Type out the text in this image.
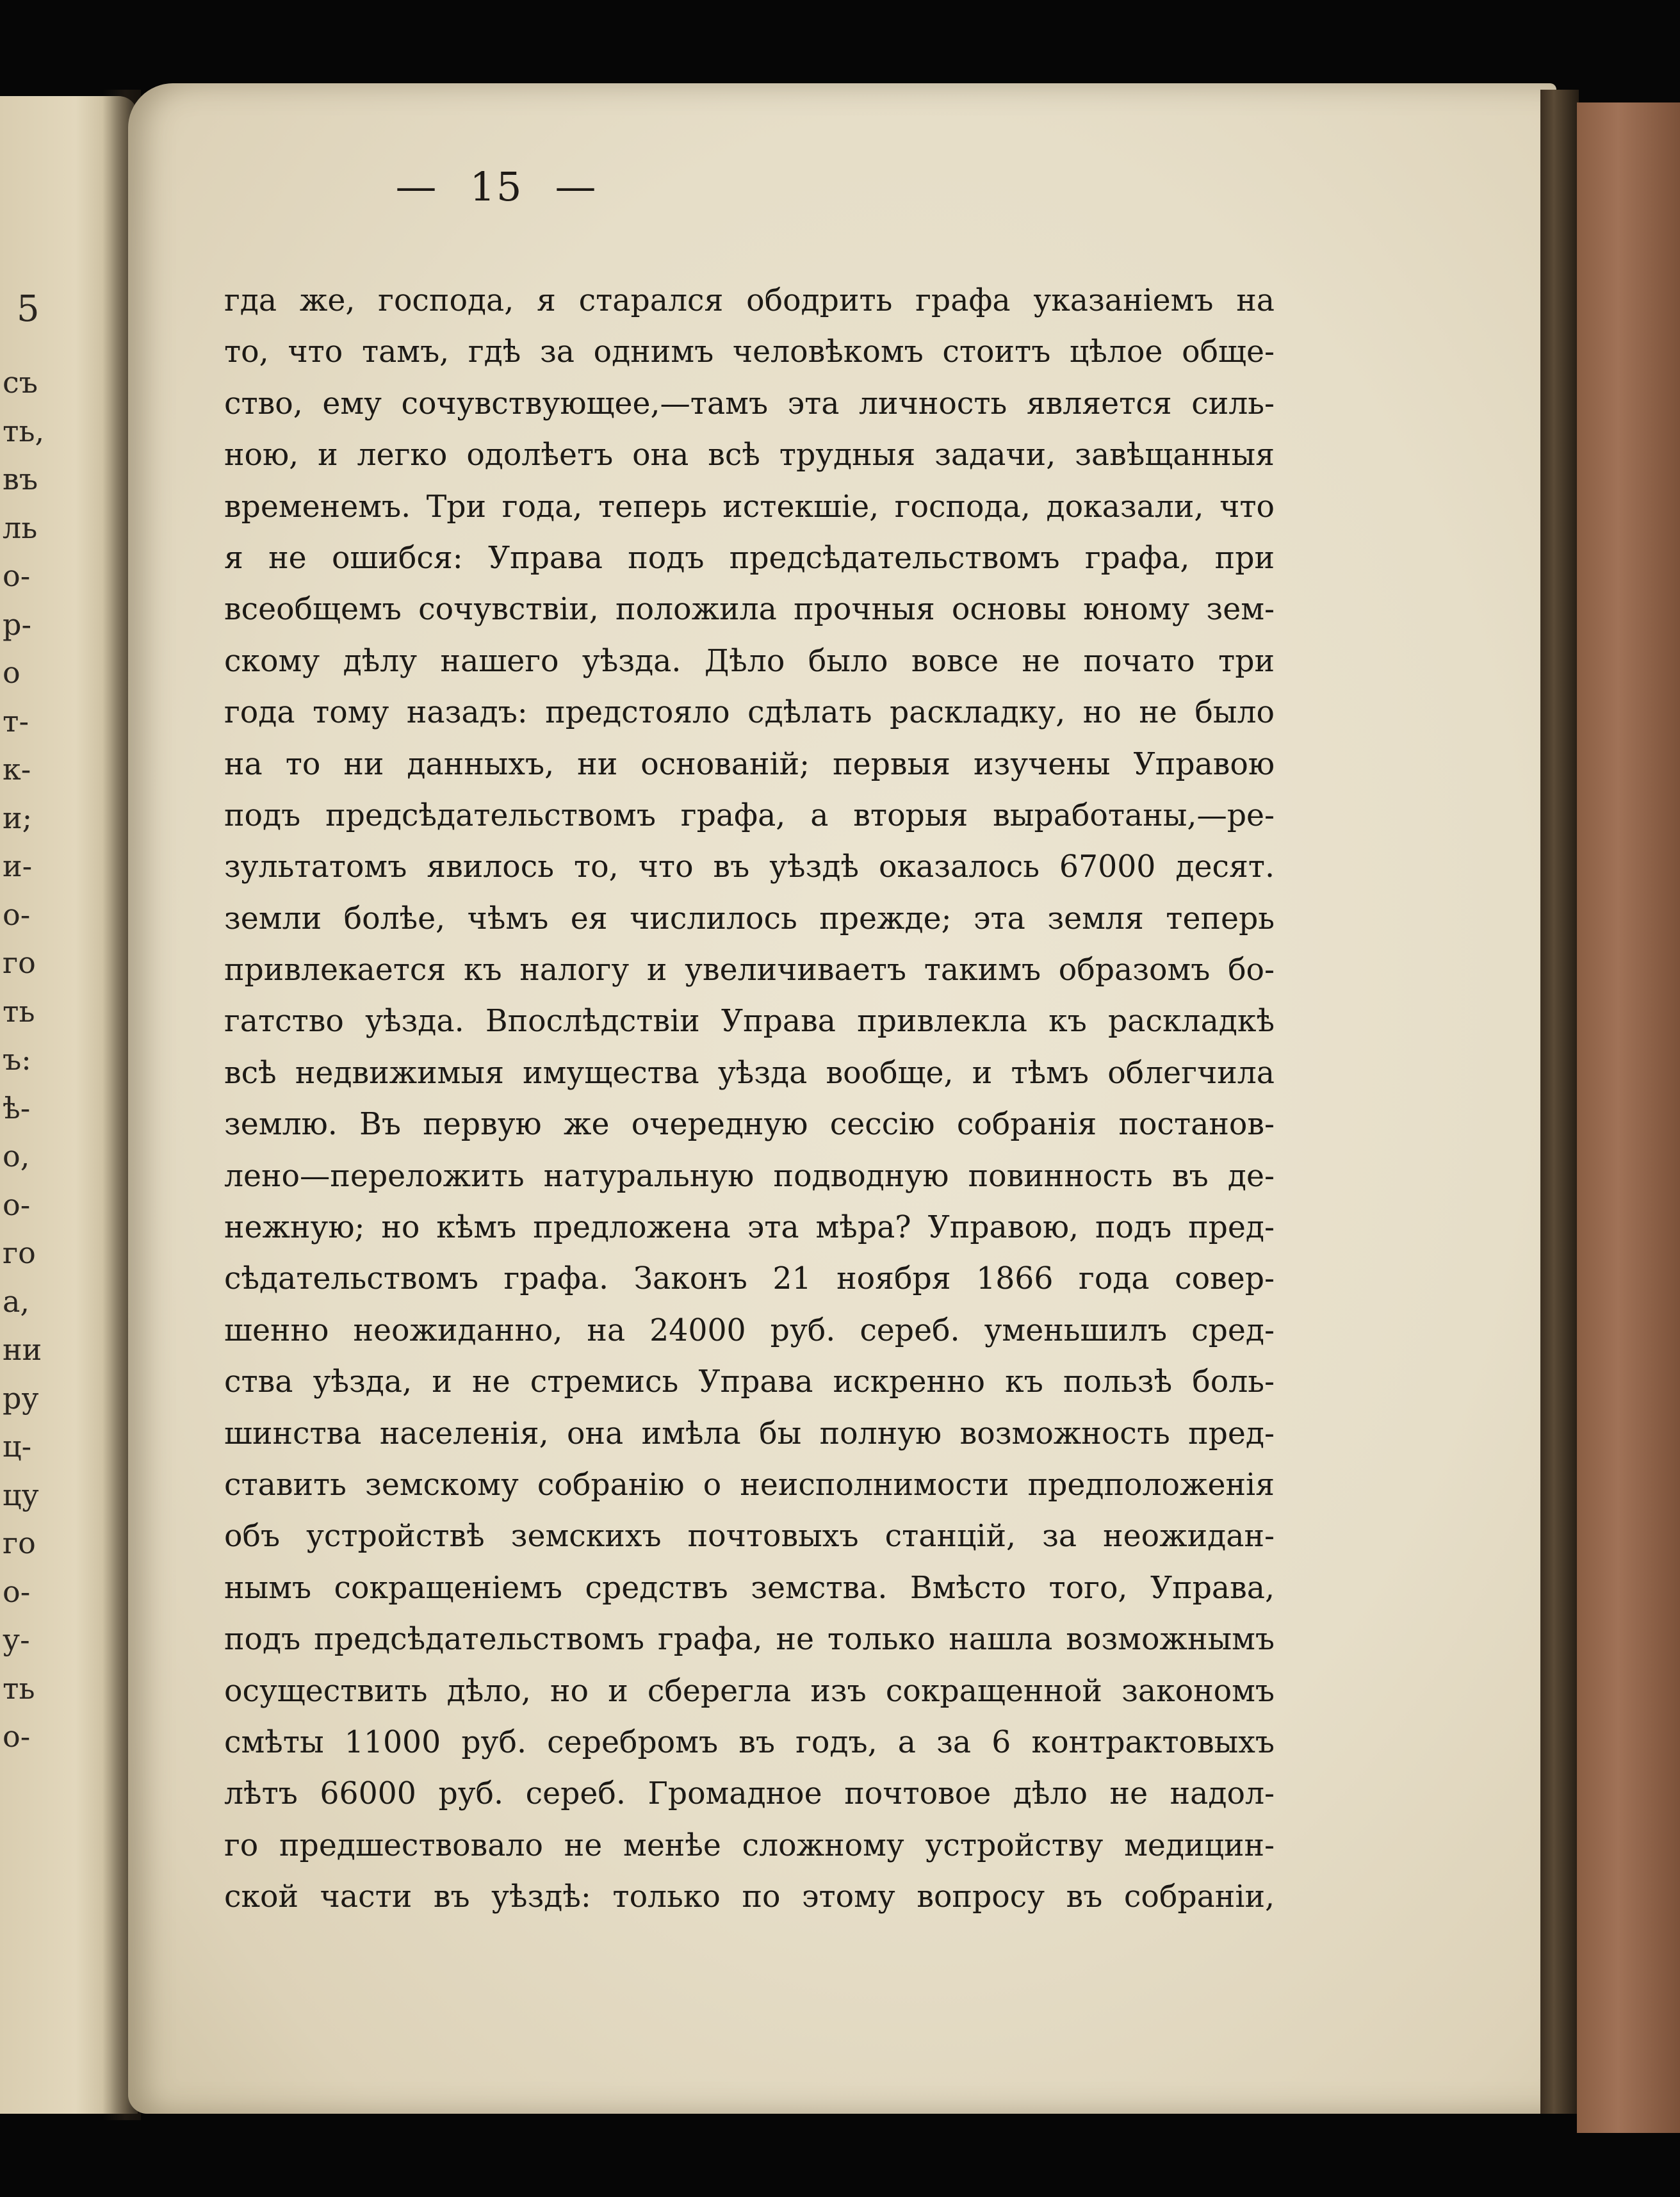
5
съ
ть,
въ
ль
о-
р-
о
т-
к-
и;
и-
о-
го
ть
ъ:
ѣ-
о,
о-
го
а,
ни
ру
ц-
цу
го
о-
у-
ть
о-
— 15 —
гда же, господа, я старался ободрить графа указаніемъ на
то, что тамъ, гдѣ за однимъ человѣкомъ стоитъ цѣлое обще-
ство, ему сочувствующее,—тамъ эта личность является силь-
ною, и легко одолѣетъ она всѣ трудныя задачи, завѣщанныя
временемъ. Три года, теперь истекшіе, господа, доказали, что
я не ошибся: Управа подъ предсѣдательствомъ графа, при
всеобщемъ сочувствіи, положила прочныя основы юному зем-
скому дѣлу нашего уѣзда. Дѣло было вовсе не почато три
года тому назадъ: предстояло сдѣлать раскладку, но не было
на то ни данныхъ, ни основаній; первыя изучены Управою
подъ предсѣдательствомъ графа, а вторыя выработаны,—ре-
зультатомъ явилось то, что въ уѣздѣ оказалось 67000 десят.
земли болѣе, чѣмъ ея числилось прежде; эта земля теперь
привлекается къ налогу и увеличиваетъ такимъ образомъ бо-
гатство уѣзда. Впослѣдствіи Управа привлекла къ раскладкѣ
всѣ недвижимыя имущества уѣзда вообще, и тѣмъ облегчила
землю. Въ первую же очередную сессію собранія постанов-
лено—переложить натуральную подводную повинность въ де-
нежную; но кѣмъ предложена эта мѣра? Управою, подъ пред-
сѣдательствомъ графа. Законъ 21 ноября 1866 года совер-
шенно неожиданно, на 24000 руб. сереб. уменьшилъ сред-
ства уѣзда, и не стремись Управа искренно къ пользѣ боль-
шинства населенія, она имѣла бы полную возможность пред-
ставить земскому собранію о неисполнимости предположенія
объ устройствѣ земскихъ почтовыхъ станцій, за неожидан-
нымъ сокращеніемъ средствъ земства. Вмѣсто того, Управа,
подъ предсѣдательствомъ графа, не только нашла возможнымъ
осуществить дѣло, но и сберегла изъ сокращенной закономъ
смѣты 11000 руб. серебромъ въ годъ, а за 6 контрактовыхъ
лѣтъ 66000 руб. сереб. Громадное почтовое дѣло не надол-
го предшествовало не менѣе сложному устройству медицин-
ской части въ уѣздѣ: только по этому вопросу въ собраніи,
